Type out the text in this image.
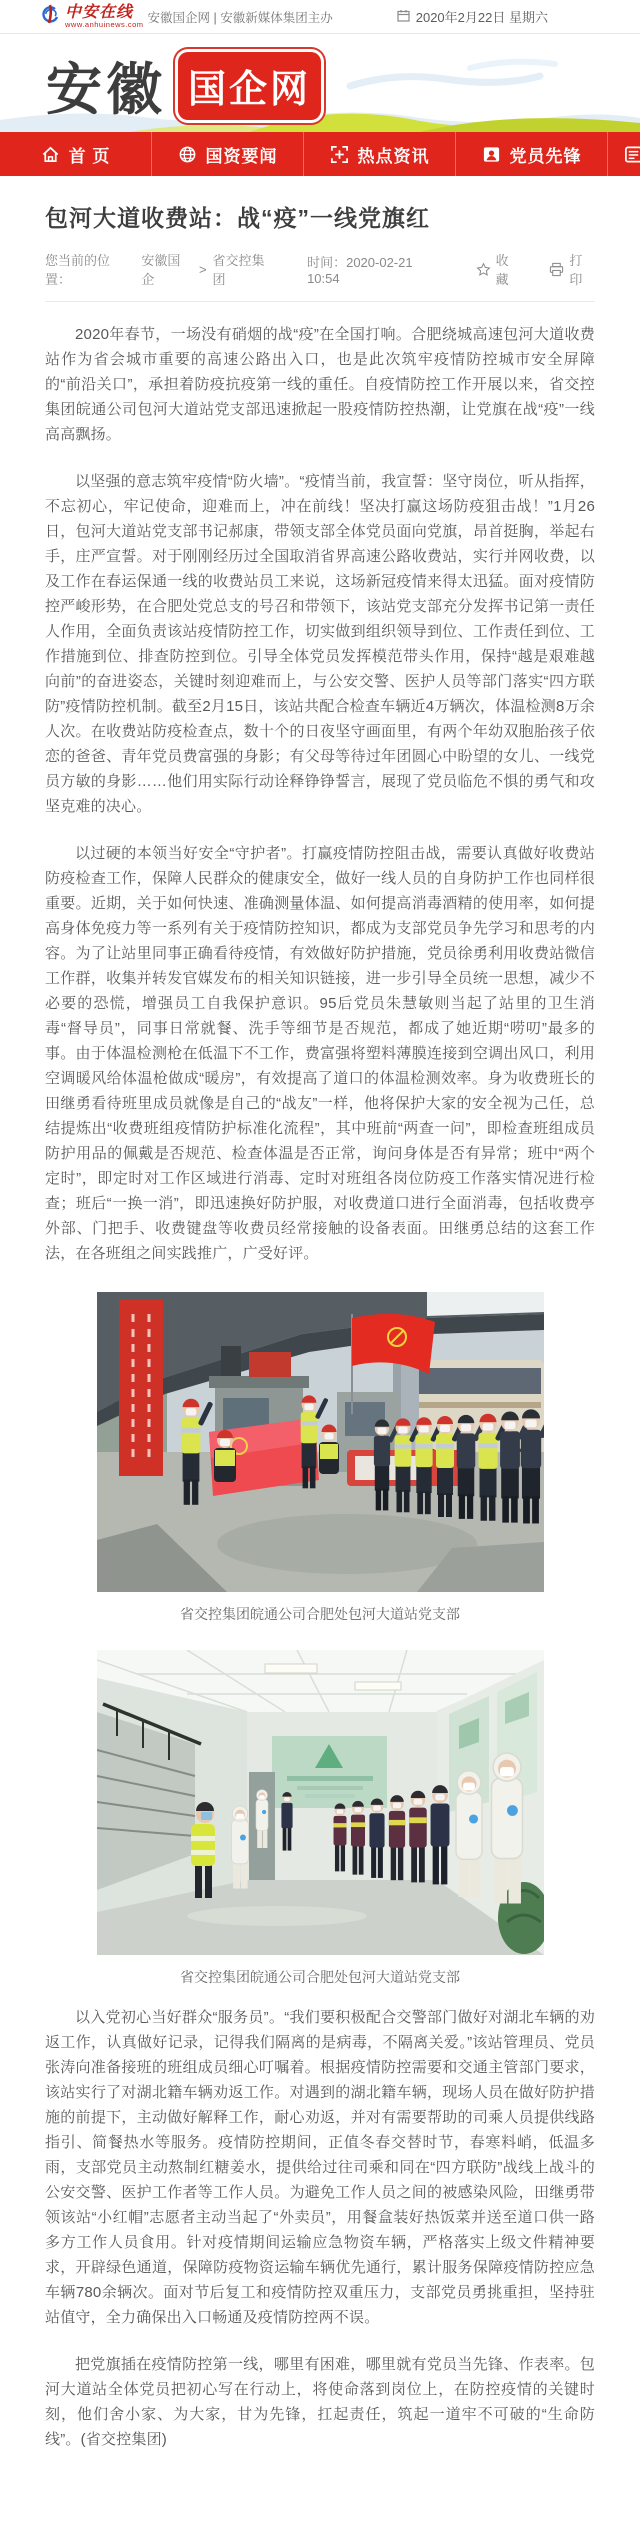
中安在线
www.anhuinews.com
安徽国企网 | 安徽新媒体集团主办	2020年2月22日 星期六
安徽 国企网
首 页	国资要闻	热点资讯	党员先锋
包河大道收费站：战“疫”一线党旗红
您当前的位置：
安徽国企
>
省交控集团
时间：2020-02-21 10:54
收藏
打印

2020年春节，一场没有硝烟的战“疫”在全国打响。合肥绕城高速包河大道收费站作为省会城市重要的高速公路出入口，也是此次筑牢疫情防控城市安全屏障的“前沿关口”，承担着防疫抗疫第一线的重任。自疫情防控工作开展以来，省交控集团皖通公司包河大道站党支部迅速掀起一股疫情防控热潮，让党旗在战“疫”一线高高飘扬。

以坚强的意志筑牢疫情“防火墙”。“疫情当前，我宣誓：坚守岗位，听从指挥，不忘初心，牢记使命，迎难而上，冲在前线！坚决打赢这场防疫狙击战！”1月26日，包河大道站党支部书记郝康，带领支部全体党员面向党旗，昂首挺胸，举起右手，庄严宣誓。对于刚刚经历过全国取消省界高速公路收费站，实行并网收费，以及工作在春运保通一线的收费站员工来说，这场新冠疫情来得太迅猛。面对疫情防控严峻形势，在合肥处党总支的号召和带领下，该站党支部充分发挥书记第一责任人作用，全面负责该站疫情防控工作，切实做到组织领导到位、工作责任到位、工作措施到位、排查防控到位。引导全体党员发挥模范带头作用，保持“越是艰难越向前”的奋进姿态，关键时刻迎难而上，与公安交警、医护人员等部门落实“四方联防”疫情防控机制。截至2月15日，该站共配合检查车辆近4万辆次，体温检测8万余人次。在收费站防疫检查点，数十个的日夜坚守画面里，有两个年幼双胞胎孩子依恋的爸爸、青年党员费富强的身影；有父母等待过年团圆心中盼望的女儿、一线党员方敏的身影……他们用实际行动诠释铮铮誓言，展现了党员临危不惧的勇气和攻坚克难的决心。

以过硬的本领当好安全“守护者”。打赢疫情防控阻击战，需要认真做好收费站防疫检查工作，保障人民群众的健康安全，做好一线人员的自身防护工作也同样很重要。近期，关于如何快速、准确测量体温、如何提高消毒酒精的使用率，如何提高身体免疫力等一系列有关于疫情防控知识，都成为支部党员争先学习和思考的内容。为了让站里同事正确看待疫情，有效做好防护措施，党员徐勇利用收费站微信工作群，收集并转发官媒发布的相关知识链接，进一步引导全员统一思想，减少不必要的恐慌，增强员工自我保护意识。95后党员朱慧敏则当起了站里的卫生消毒“督导员”，同事日常就餐、洗手等细节是否规范，都成了她近期“唠叨”最多的事。由于体温检测枪在低温下不工作，费富强将塑料薄膜连接到空调出风口，利用空调暖风给体温枪做成“暖房”，有效提高了道口的体温检测效率。身为收费班长的田继勇看待班里成员就像是自己的“战友”一样，他将保护大家的安全视为己任，总结提炼出“收费班组疫情防护标准化流程”，其中班前“两查一问”，即检查班组成员防护用品的佩戴是否规范、检查体温是否正常，询问身体是否有异常；班中“两个定时”，即定时对工作区域进行消毒、定时对班组各岗位防疫工作落实情况进行检查；班后“一换一消”，即迅速换好防护服，对收费道口进行全面消毒，包括收费亭外部、门把手、收费键盘等收费员经常接触的设备表面。田继勇总结的这套工作法，在各班组之间实践推广，广受好评。

省交控集团皖通公司合肥处包河大道站党支部
省交控集团皖通公司合肥处包河大道站党支部

以入党初心当好群众“服务员”。“我们要积极配合交警部门做好对湖北车辆的劝返工作，认真做好记录，记得我们隔离的是病毒，不隔离关爱。”该站管理员、党员张涛向准备接班的班组成员细心叮嘱着。根据疫情防控需要和交通主管部门要求，该站实行了对湖北籍车辆劝返工作。对遇到的湖北籍车辆，现场人员在做好防护措施的前提下，主动做好解释工作，耐心劝返，并对有需要帮助的司乘人员提供线路指引、简餐热水等服务。疫情防控期间，正值冬春交替时节，春寒料峭，低温多雨，支部党员主动熬制红糖姜水，提供给过往司乘和同在“四方联防”战线上战斗的公安交警、医护工作者等工作人员。为避免工作人员之间的被感染风险，田继勇带领该站“小红帽”志愿者主动当起了“外卖员”，用餐盒装好热饭菜并送至道口供一路多方工作人员食用。针对疫情期间运输应急物资车辆，严格落实上级文件精神要求，开辟绿色通道，保障防疫物资运输车辆优先通行，累计服务保障疫情防控应急车辆780余辆次。面对节后复工和疫情防控双重压力，支部党员勇挑重担，坚持驻站值守，全力确保出入口畅通及疫情防控两不误。

把党旗插在疫情防控第一线，哪里有困难，哪里就有党员当先锋、作表率。包河大道站全体党员把初心写在行动上，将使命落到岗位上，在防控疫情的关键时刻，他们舍小家、为大家，甘为先锋，扛起责任，筑起一道牢不可破的“生命防线”。(省交控集团)
